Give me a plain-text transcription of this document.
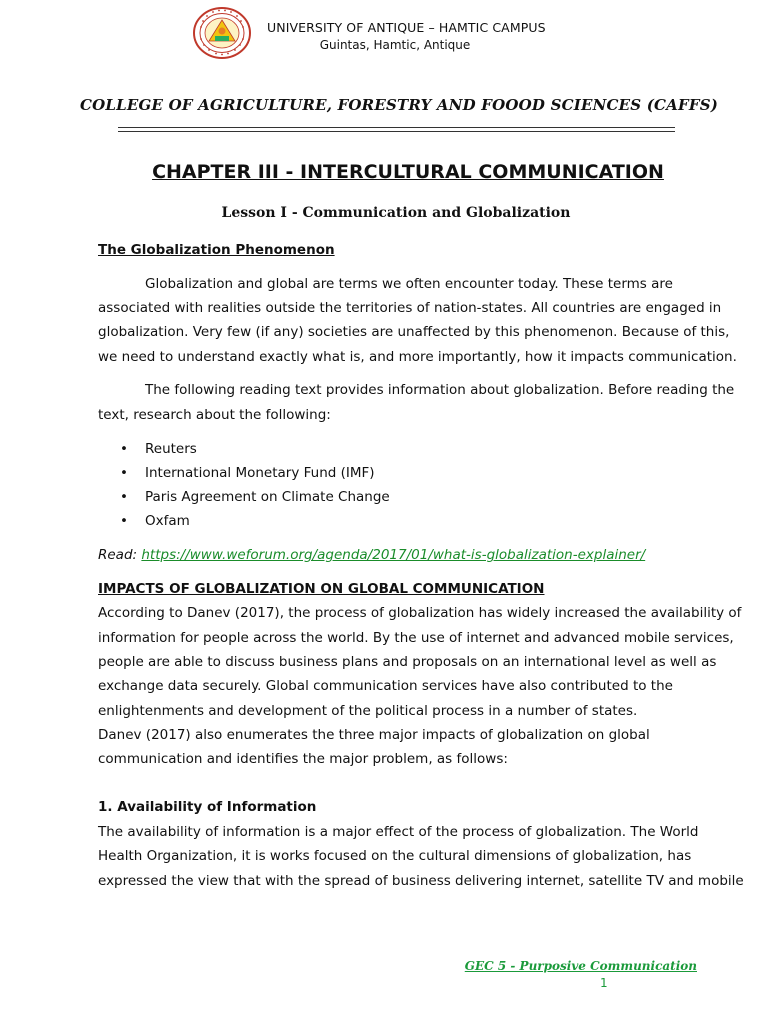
UNIVERSITY OF ANTIQUE – HAMTIC CAMPUS
Guintas, Hamtic, Antique
COLLEGE OF AGRICULTURE, FORESTRY AND FOOOD SCIENCES (CAFFS)
CHAPTER III - INTERCULTURAL COMMUNICATION
Lesson I - Communication and Globalization
The Globalization Phenomenon
Globalization and global are terms we often encounter today. These terms are
associated with realities outside the territories of nation-states. All countries are engaged in
globalization. Very few (if any) societies are unaffected by this phenomenon. Because of this,
we need to understand exactly what is, and more importantly, how it impacts communication.
The following reading text provides information about globalization. Before reading the
text, research about the following:
• Reuters
• International Monetary Fund (IMF)
• Paris Agreement on Climate Change
• Oxfam
Read: https://www.weforum.org/agenda/2017/01/what-is-globalization-explainer/
IMPACTS OF GLOBALIZATION ON GLOBAL COMMUNICATION
According to Danev (2017), the process of globalization has widely increased the availability of
information for people across the world. By the use of internet and advanced mobile services,
people are able to discuss business plans and proposals on an international level as well as
exchange data securely. Global communication services have also contributed to the
enlightenments and development of the political process in a number of states.
Danev (2017) also enumerates the three major impacts of globalization on global
communication and identifies the major problem, as follows:
1. Availability of Information
The availability of information is a major effect of the process of globalization. The World
Health Organization, it is works focused on the cultural dimensions of globalization, has
expressed the view that with the spread of business delivering internet, satellite TV and mobile
GEC 5 - Purposive Communication
1
